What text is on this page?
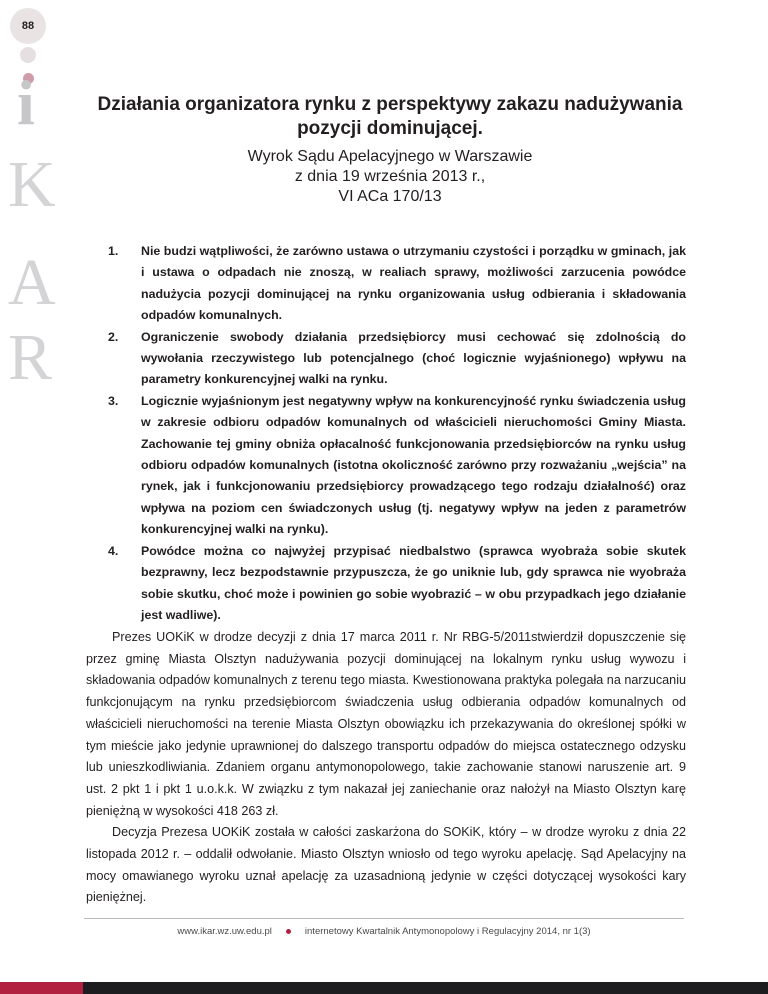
88
i
K
A
R
Działania organizatora rynku z perspektywy zakazu nadużywania pozycji dominującej.
Wyrok Sądu Apelacyjnego w Warszawie
z dnia 19 września 2013 r.,
VI ACa 170/13
1. Nie budzi wątpliwości, że zarówno ustawa o utrzymaniu czystości i porządku w gminach, jak i ustawa o odpadach nie znoszą, w realiach sprawy, możliwości zarzucenia powódce nadużycia pozycji dominującej na rynku organizowania usług odbierania i składowania odpadów komunalnych.
2. Ograniczenie swobody działania przedsiębiorcy musi cechować się zdolnością do wywołania rzeczywistego lub potencjalnego (choć logicznie wyjaśnionego) wpływu na parametry konkurencyjnej walki na rynku.
3. Logicznie wyjaśnionym jest negatywny wpływ na konkurencyjność rynku świadczenia usług w zakresie odbioru odpadów komunalnych od właścicieli nieruchomości Gminy Miasta. Zachowanie tej gminy obniża opłacalność funkcjonowania przedsiębiorców na rynku usług odbioru odpadów komunalnych (istotna okoliczność zarówno przy rozważaniu „wejścia” na rynek, jak i funkcjonowaniu przedsiębiorcy prowadzącego tego rodzaju działalność) oraz wpływa na poziom cen świadczonych usług (tj. negatywy wpływ na jeden z parametrów konkurencyjnej walki na rynku).
4. Powódce można co najwyżej przypisać niedbalstwo (sprawca wyobraża sobie skutek bezprawny, lecz bezpodstawnie przypuszcza, że go uniknie lub, gdy sprawca nie wyobraża sobie skutku, choć może i powinien go sobie wyobrazić – w obu przypadkach jego działanie jest wadliwe).

Prezes UOKiK w drodze decyzji z dnia 17 marca 2011 r. Nr RBG-5/2011stwierdził dopuszczenie się przez gminę Miasta Olsztyn nadużywania pozycji dominującej na lokalnym rynku usług wywozu i składowania odpadów komunalnych z terenu tego miasta. Kwestionowana praktyka polegała na narzucaniu funkcjonującym na rynku przedsiębiorcom świadczenia usług odbierania odpadów komunalnych od właścicieli nieruchomości na terenie Miasta Olsztyn obowiązku ich przekazywania do określonej spółki w tym mieście jako jedynie uprawnionej do dalszego transportu odpadów do miejsca ostatecznego odzysku lub unieszkodliwiania. Zdaniem organu antymonopolowego, takie zachowanie stanowi naruszenie art. 9 ust. 2 pkt 1 i pkt 1 u.o.k.k. W związku z tym nakazał jej zaniechanie oraz nałożył na Miasto Olsztyn karę pieniężną w wysokości 418 263 zł.

Decyzja Prezesa UOKiK została w całości zaskarżona do SOKiK, który – w drodze wyroku z dnia 22 listopada 2012 r. – oddalił odwołanie. Miasto Olsztyn wniosło od tego wyroku apelację. Sąd Apelacyjny na mocy omawianego wyroku uznał apelację za uzasadnioną jedynie w części dotyczącej wysokości kary pieniężnej.

www.ikar.wz.uw.edu.pl	internetowy Kwartalnik Antymonopolowy i Regulacyjny 2014, nr 1(3)
